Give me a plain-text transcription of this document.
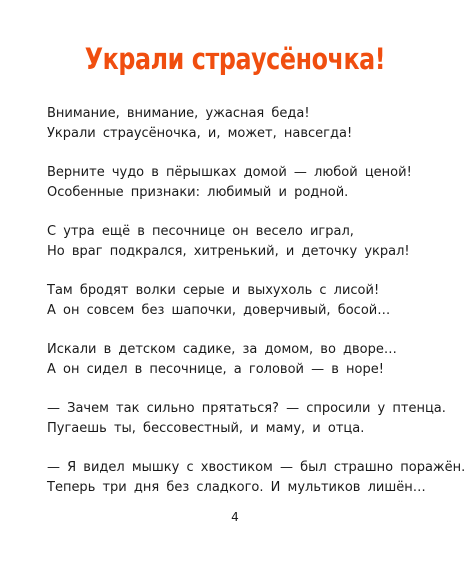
Украли страусёночка!
Внимание, внимание, ужасная беда!
Украли страусёночка, и, может, навсегда!
Верните чудо в пёрышках домой — любой ценой!
Особенные признаки: любимый и родной.
С утра ещё в песочнице он весело играл,
Но враг подкрался, хитренький, и деточку украл!
Там бродят волки серые и выхухоль с лисой!
А он совсем без шапочки, доверчивый, босой…
Искали в детском садике, за домом, во дворе…
А он сидел в песочнице, а головой — в норе!
— Зачем так сильно прятаться? — спросили у птенца.
Пугаешь ты, бессовестный, и маму, и отца.
— Я видел мышку с хвостиком — был страшно поражён.
Теперь три дня без сладкого. И мультиков лишён…
4
